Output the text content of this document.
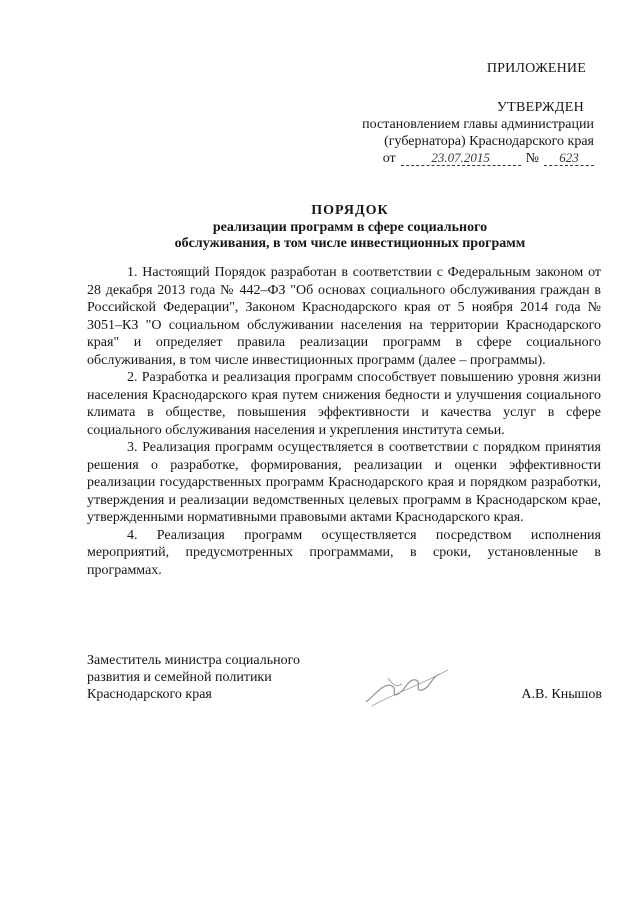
ПРИЛОЖЕНИЕ
УТВЕРЖДЕН
постановлением главы администрации
(губернатора) Краснодарского края
от	23.07.2015	№	623
ПОРЯДОК
реализации программ в сфере социального
обслуживания, в том числе инвестиционных программ

1. Настоящий Порядок разработан в соответствии с Федеральным законом от 28 декабря 2013 года № 442–ФЗ "Об основах социального обслуживания граждан в Российской Федерации", Законом Краснодарского края от 5 ноября 2014 года № 3051–КЗ "О социальном обслуживании населения на территории Краснодарского края" и определяет правила реализации программ в сфере социального обслуживания, в том числе инвестиционных программ (далее – программы).

2. Разработка и реализация программ способствует повышению уровня жизни населения Краснодарского края путем снижения бедности и улучшения социального климата в обществе, повышения эффективности и качества услуг в сфере социального обслуживания населения и укрепления института семьи.

3. Реализация программ осуществляется в соответствии с порядком принятия решения о разработке, формирования, реализации и оценки эффективности реализации государственных программ Краснодарского края и порядком разработки, утверждения и реализации ведомственных целевых программ в Краснодарском крае, утвержденными нормативными правовыми актами Краснодарского края.

4. Реализация программ осуществляется посредством исполнения мероприятий, предусмотренных программами, в сроки, установленные в программах.

Заместитель министра социального
развития и семейной политики
Краснодарского края	А.В. Кнышов
